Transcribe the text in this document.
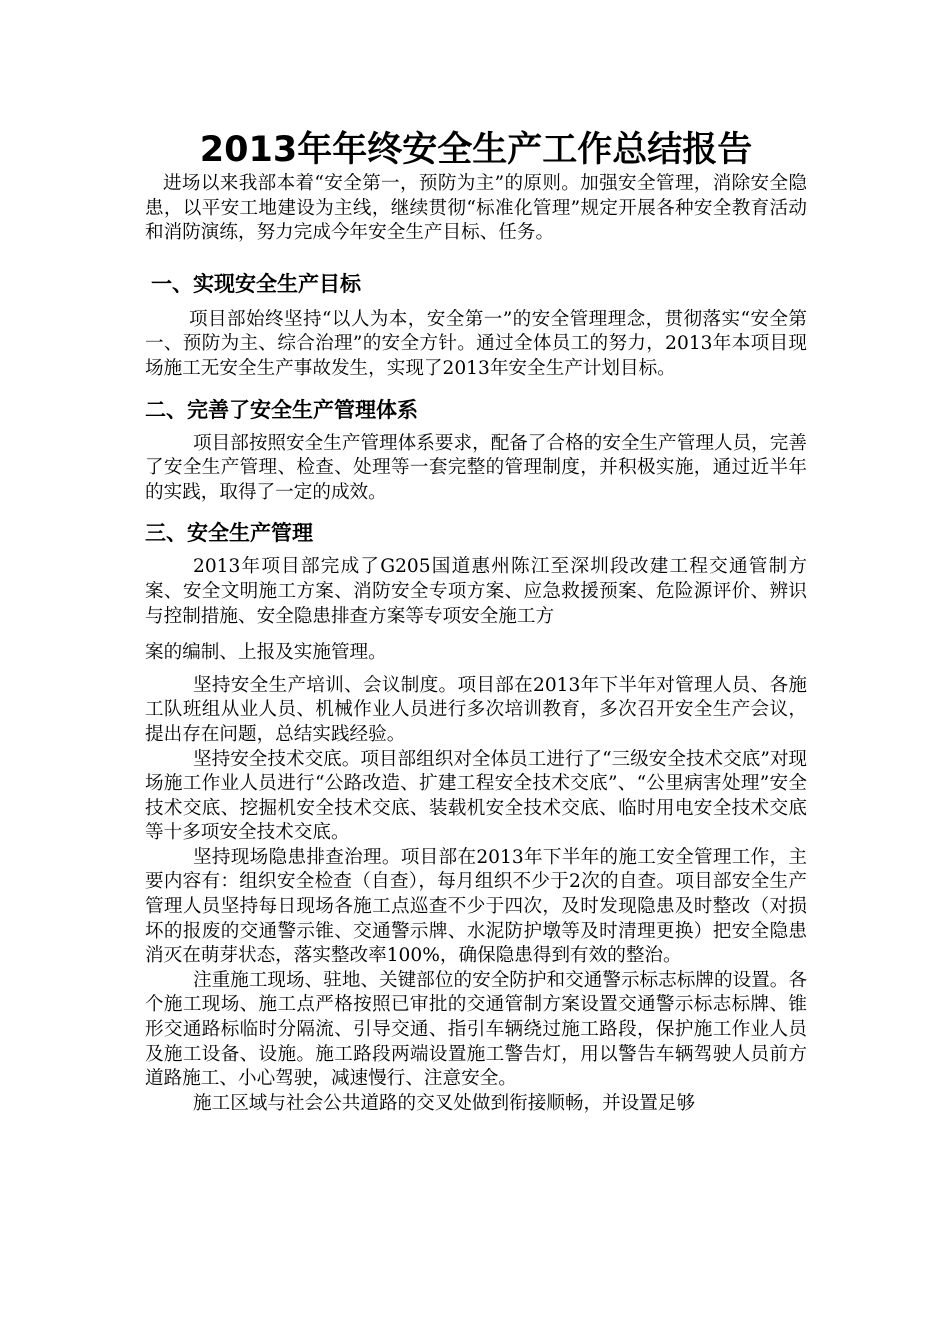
2013年年终安全生产工作总结报告

进场以来我部本着“安全第一，预防为主”的原则。加强安全管理，消除安全隐患，以平安工地建设为主线，继续贯彻“标准化管理”规定开展各种安全教育活动和消防演练，努力完成今年安全生产目标、任务。

一、实现安全生产目标

项目部始终坚持“以人为本，安全第一”的安全管理理念，贯彻落实“安全第一、预防为主、综合治理”的安全方针。通过全体员工的努力，2013年本项目现场施工无安全生产事故发生，实现了2013年安全生产计划目标。

二、完善了安全生产管理体系

项目部按照安全生产管理体系要求，配备了合格的安全生产管理人员，完善了安全生产管理、检查、处理等一套完整的管理制度，并积极实施，通过近半年的实践，取得了一定的成效。

三、安全生产管理

2013年项目部完成了G205国道惠州陈江至深圳段改建工程交通管制方案、安全文明施工方案、消防安全专项方案、应急救援预案、危险源评价、辨识与控制措施、安全隐患排查方案等专项安全施工方

案的编制、上报及实施管理。

坚持安全生产培训、会议制度。项目部在2013年下半年对管理人员、各施工队班组从业人员、机械作业人员进行多次培训教育，多次召开安全生产会议，提出存在问题，总结实践经验。

坚持安全技术交底。项目部组织对全体员工进行了“三级安全技术交底”对现场施工作业人员进行“公路改造、扩建工程安全技术交底”、“公里病害处理”安全技术交底、挖掘机安全技术交底、装载机安全技术交底、临时用电安全技术交底等十多项安全技术交底。

坚持现场隐患排查治理。项目部在2013年下半年的施工安全管理工作，主要内容有：组织安全检查（自查），每月组织不少于2次的自查。项目部安全生产管理人员坚持每日现场各施工点巡查不少于四次，及时发现隐患及时整改（对损坏的报废的交通警示锥、交通警示牌、水泥防护墩等及时清理更换）把安全隐患消灭在萌芽状态，落实整改率100%，确保隐患得到有效的整治。

注重施工现场、驻地、关键部位的安全防护和交通警示标志标牌的设置。各个施工现场、施工点严格按照已审批的交通管制方案设置交通警示标志标牌、锥形交通路标临时分隔流、引导交通、指引车辆绕过施工路段，保护施工作业人员及施工设备、设施。施工路段两端设置施工警告灯，用以警告车辆驾驶人员前方道路施工、小心驾驶，减速慢行、注意安全。

施工区域与社会公共道路的交叉处做到衔接顺畅，并设置足够
